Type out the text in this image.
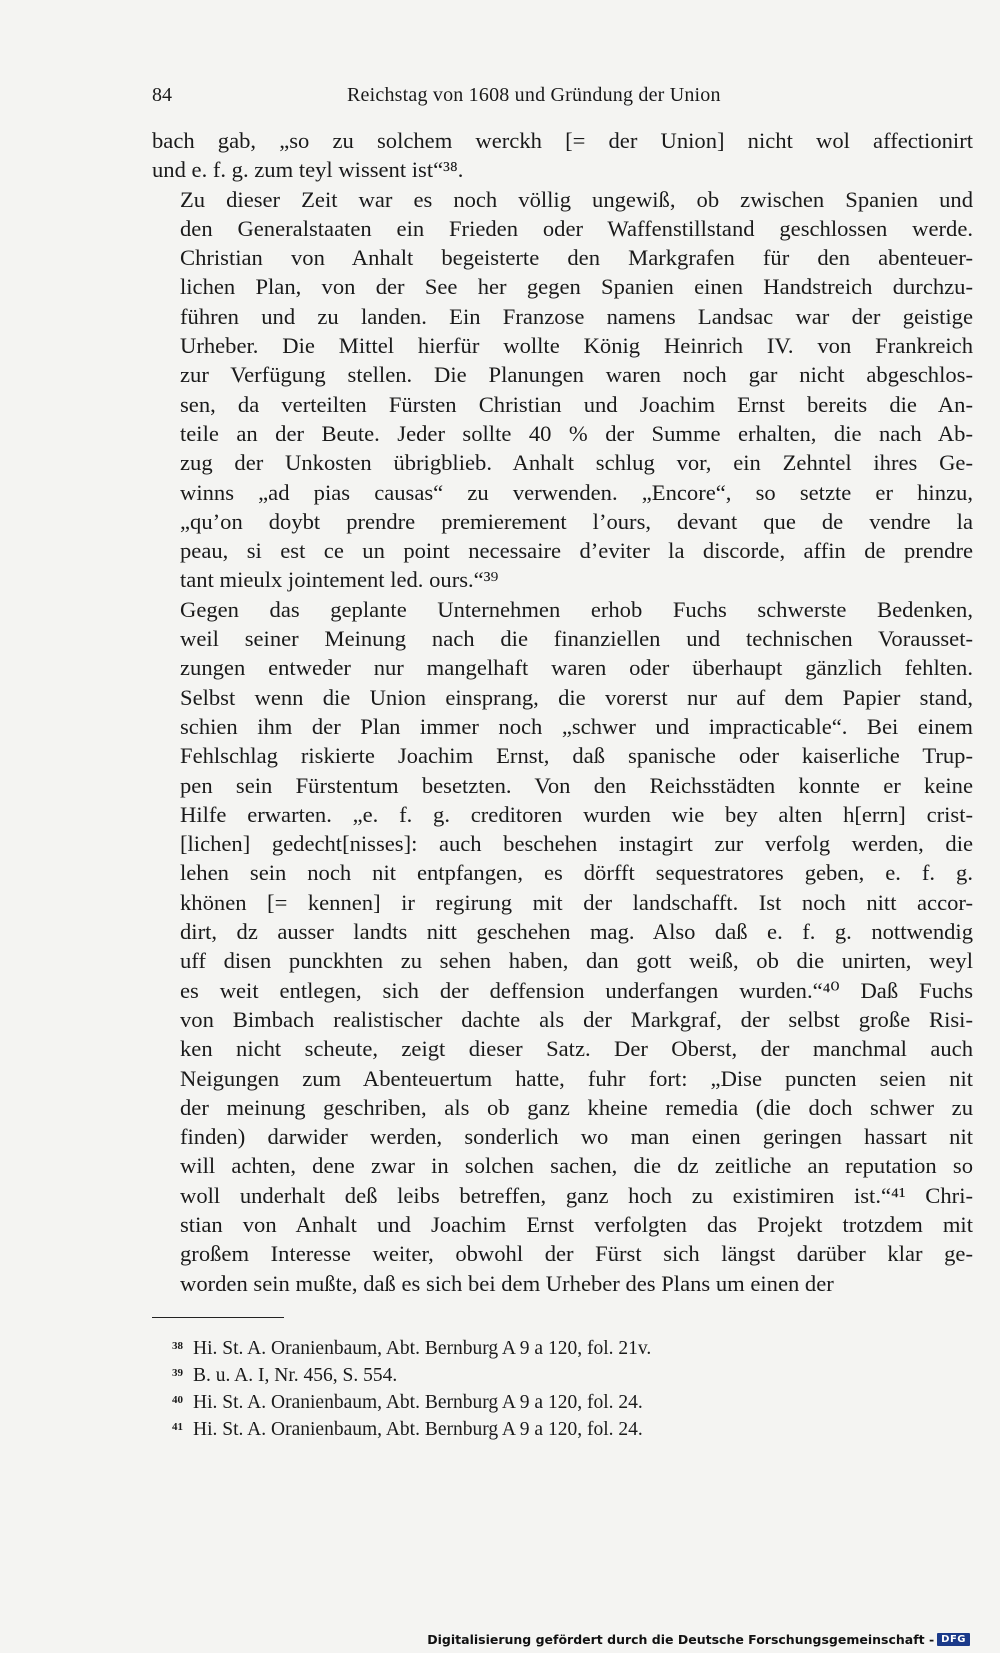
84	Reichstag von 1608 und Gründung der Union
bach gab, „so zu solchem werckh [= der Union] nicht wol affectionirt
und e. f. g. zum teyl wissent ist“³⁸.
Zu dieser Zeit war es noch völlig ungewiß, ob zwischen Spanien und
den Generalstaaten ein Frieden oder Waffenstillstand geschlossen werde.
Christian von Anhalt begeisterte den Markgrafen für den abenteuer-
lichen Plan, von der See her gegen Spanien einen Handstreich durchzu-
führen und zu landen. Ein Franzose namens Landsac war der geistige
Urheber. Die Mittel hierfür wollte König Heinrich IV. von Frankreich
zur Verfügung stellen. Die Planungen waren noch gar nicht abgeschlos-
sen, da verteilten Fürsten Christian und Joachim Ernst bereits die An-
teile an der Beute. Jeder sollte 40 % der Summe erhalten, die nach Ab-
zug der Unkosten übrigblieb. Anhalt schlug vor, ein Zehntel ihres Ge-
winns „ad pias causas“ zu verwenden. „Encore“, so setzte er hinzu,
„qu’on doybt prendre premierement l’ours, devant que de vendre la
peau, si est ce un point necessaire d’eviter la discorde, affin de prendre
tant mieulx jointement led. ours.“³⁹
Gegen das geplante Unternehmen erhob Fuchs schwerste Bedenken,
weil seiner Meinung nach die finanziellen und technischen Vorausset-
zungen entweder nur mangelhaft waren oder überhaupt gänzlich fehlten.
Selbst wenn die Union einsprang, die vorerst nur auf dem Papier stand,
schien ihm der Plan immer noch „schwer und impracticable“. Bei einem
Fehlschlag riskierte Joachim Ernst, daß spanische oder kaiserliche Trup-
pen sein Fürstentum besetzten. Von den Reichsstädten konnte er keine
Hilfe erwarten. „e. f. g. creditoren wurden wie bey alten h[errn] crist-
[lichen] gedecht[nisses]: auch beschehen instagirt zur verfolg werden, die
lehen sein noch nit entpfangen, es dörfft sequestratores geben, e. f. g.
khönen [= kennen] ir regirung mit der landschafft. Ist noch nitt accor-
dirt, dz ausser landts nitt geschehen mag. Also daß e. f. g. nottwendig
uff disen punckhten zu sehen haben, dan gott weiß, ob die unirten, weyl
es weit entlegen, sich der deffension underfangen wurden.“⁴⁰ Daß Fuchs
von Bimbach realistischer dachte als der Markgraf, der selbst große Risi-
ken nicht scheute, zeigt dieser Satz. Der Oberst, der manchmal auch
Neigungen zum Abenteuertum hatte, fuhr fort: „Dise puncten seien nit
der meinung geschriben, als ob ganz kheine remedia (die doch schwer zu
finden) darwider werden, sonderlich wo man einen geringen hassart nit
will achten, dene zwar in solchen sachen, die dz zeitliche an reputation so
woll underhalt deß leibs betreffen, ganz hoch zu existimiren ist.“⁴¹ Chri-
stian von Anhalt und Joachim Ernst verfolgten das Projekt trotzdem mit
großem Interesse weiter, obwohl der Fürst sich längst darüber klar ge-
worden sein mußte, daß es sich bei dem Urheber des Plans um einen der
$^{38}$ Hi. St. A. Oranienbaum, Abt. Bernburg A 9 a 120, fol. 21v.
$^{39}$ B. u. A. I, Nr. 456, S. 554.
$^{40}$ Hi. St. A. Oranienbaum, Abt. Bernburg A 9 a 120, fol. 24.
$^{41}$ Hi. St. A. Oranienbaum, Abt. Bernburg A 9 a 120, fol. 24.
Digitalisierung gefördert durch die Deutsche Forschungsgemeinschaft - DFG
